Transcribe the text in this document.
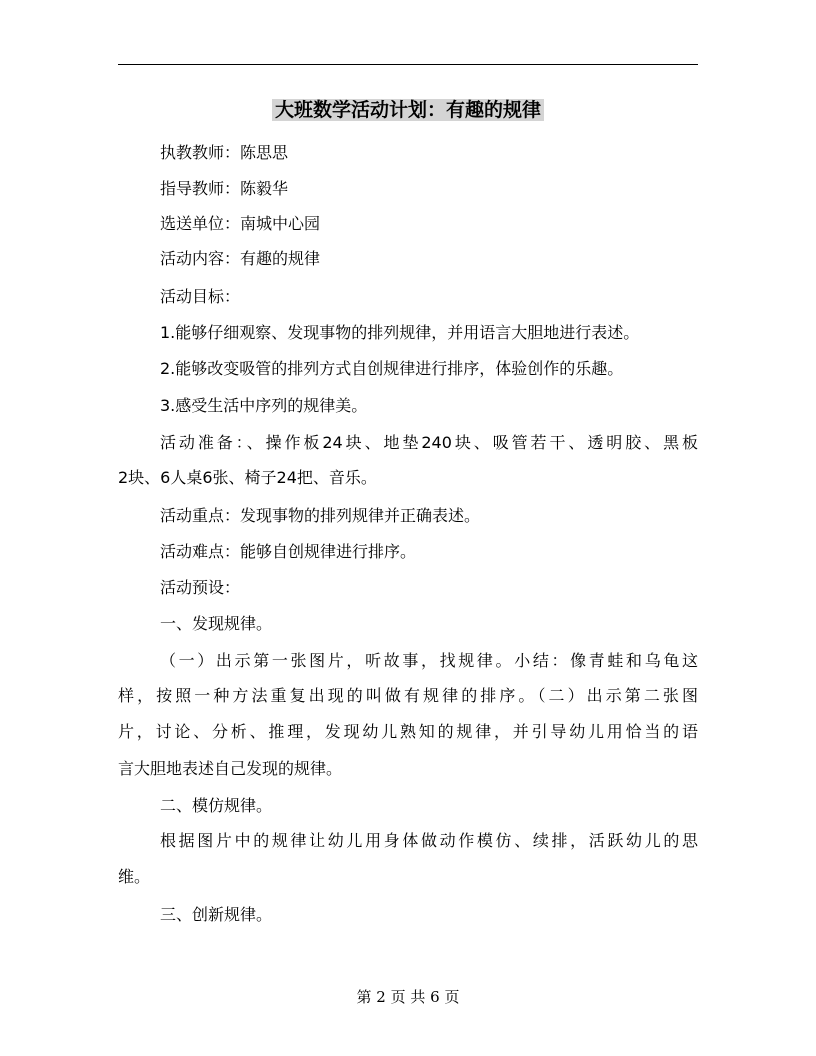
大班数学活动计划：有趣的规律
执教教师：陈思思
指导教师：陈毅华
选送单位：南城中心园
活动内容：有趣的规律
活动目标：
1.能够仔细观察、发现事物的排列规律，并用语言大胆地进行表述。
2.能够改变吸管的排列方式自创规律进行排序，体验创作的乐趣。
3.感受生活中序列的规律美。
活动准备：、操作板24块、地垫240块、吸管若干、透明胶、黑板
2块、6人桌6张、椅子24把、音乐。
活动重点：发现事物的排列规律并正确表述。
活动难点：能够自创规律进行排序。
活动预设：
一、发现规律。
（一）出示第一张图片，听故事，找规律。小结：像青蛙和乌龟这
样，按照一种方法重复出现的叫做有规律的排序。（二）出示第二张图
片，讨论、分析、推理，发现幼儿熟知的规律，并引导幼儿用恰当的语
言大胆地表述自己发现的规律。
二、模仿规律。
根据图片中的规律让幼儿用身体做动作模仿、续排，活跃幼儿的思
维。
三、创新规律。
第 2 页 共 6 页
